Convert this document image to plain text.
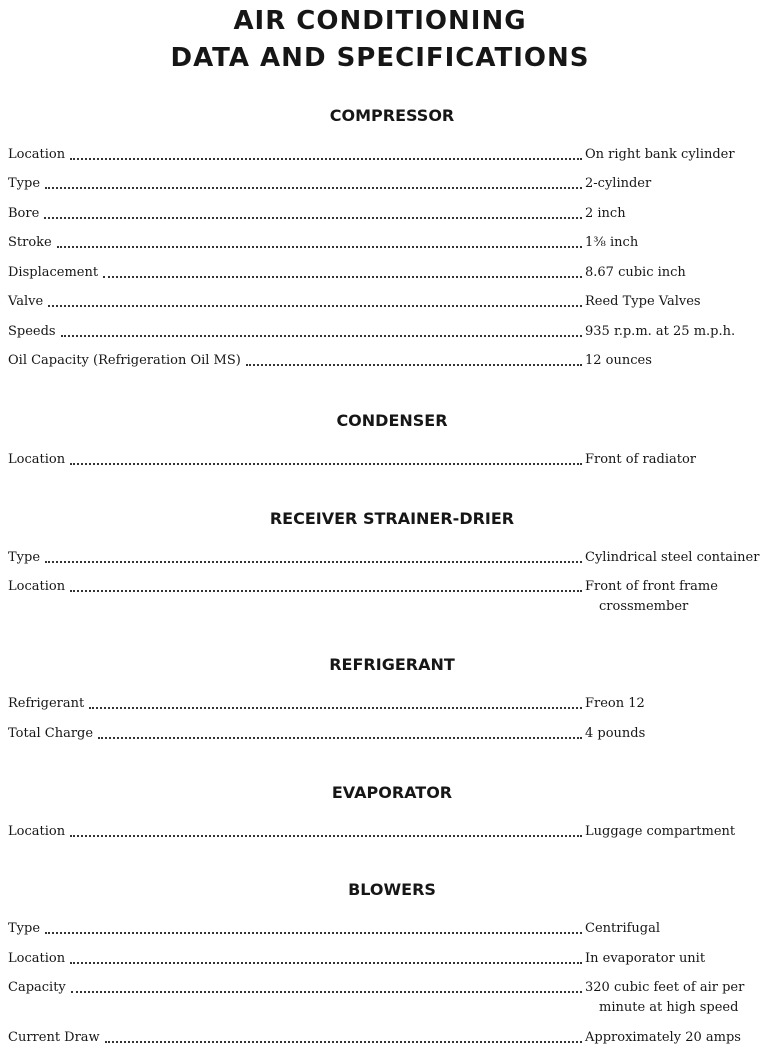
AIR CONDITIONING
DATA AND SPECIFICATIONS
COMPRESSOR
Location	On right bank cylinder
Type	2-cylinder
Bore	2 inch
Stroke	1⅜ inch
Displacement	8.67 cubic inch
Valve	Reed Type Valves
Speeds	935 r.p.m. at 25 m.p.h.
Oil Capacity (Refrigeration Oil MS)	12 ounces
CONDENSER
Location	Front of radiator
RECEIVER STRAINER-DRIER
Type	Cylindrical steel container
Location	Front of front frame
crossmember
REFRIGERANT
Refrigerant	Freon 12
Total Charge	4 pounds
EVAPORATOR
Location	Luggage compartment
BLOWERS
Type	Centrifugal
Location	In evaporator unit
Capacity	320 cubic feet of air per
minute at high speed
Current Draw	Approximately 20 amps
